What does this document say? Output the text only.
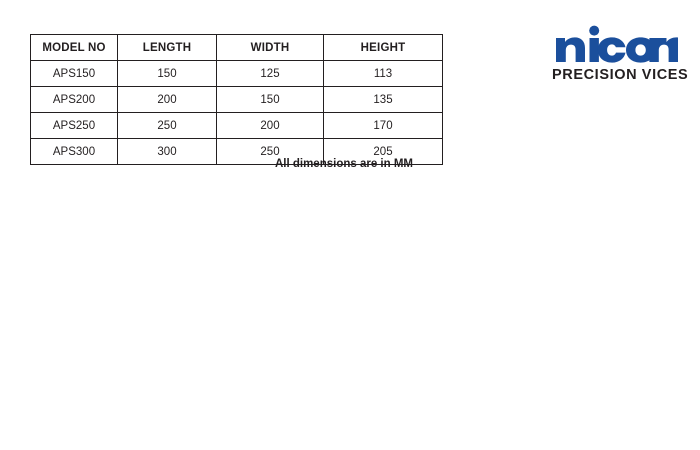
MODEL NO	LENGTH	WIDTH	HEIGHT
APS150	150	125	113
APS200	200	150	135
APS250	250	200	170
APS300	300	250	205
All dimensions are in MM
PRECISION VICES
